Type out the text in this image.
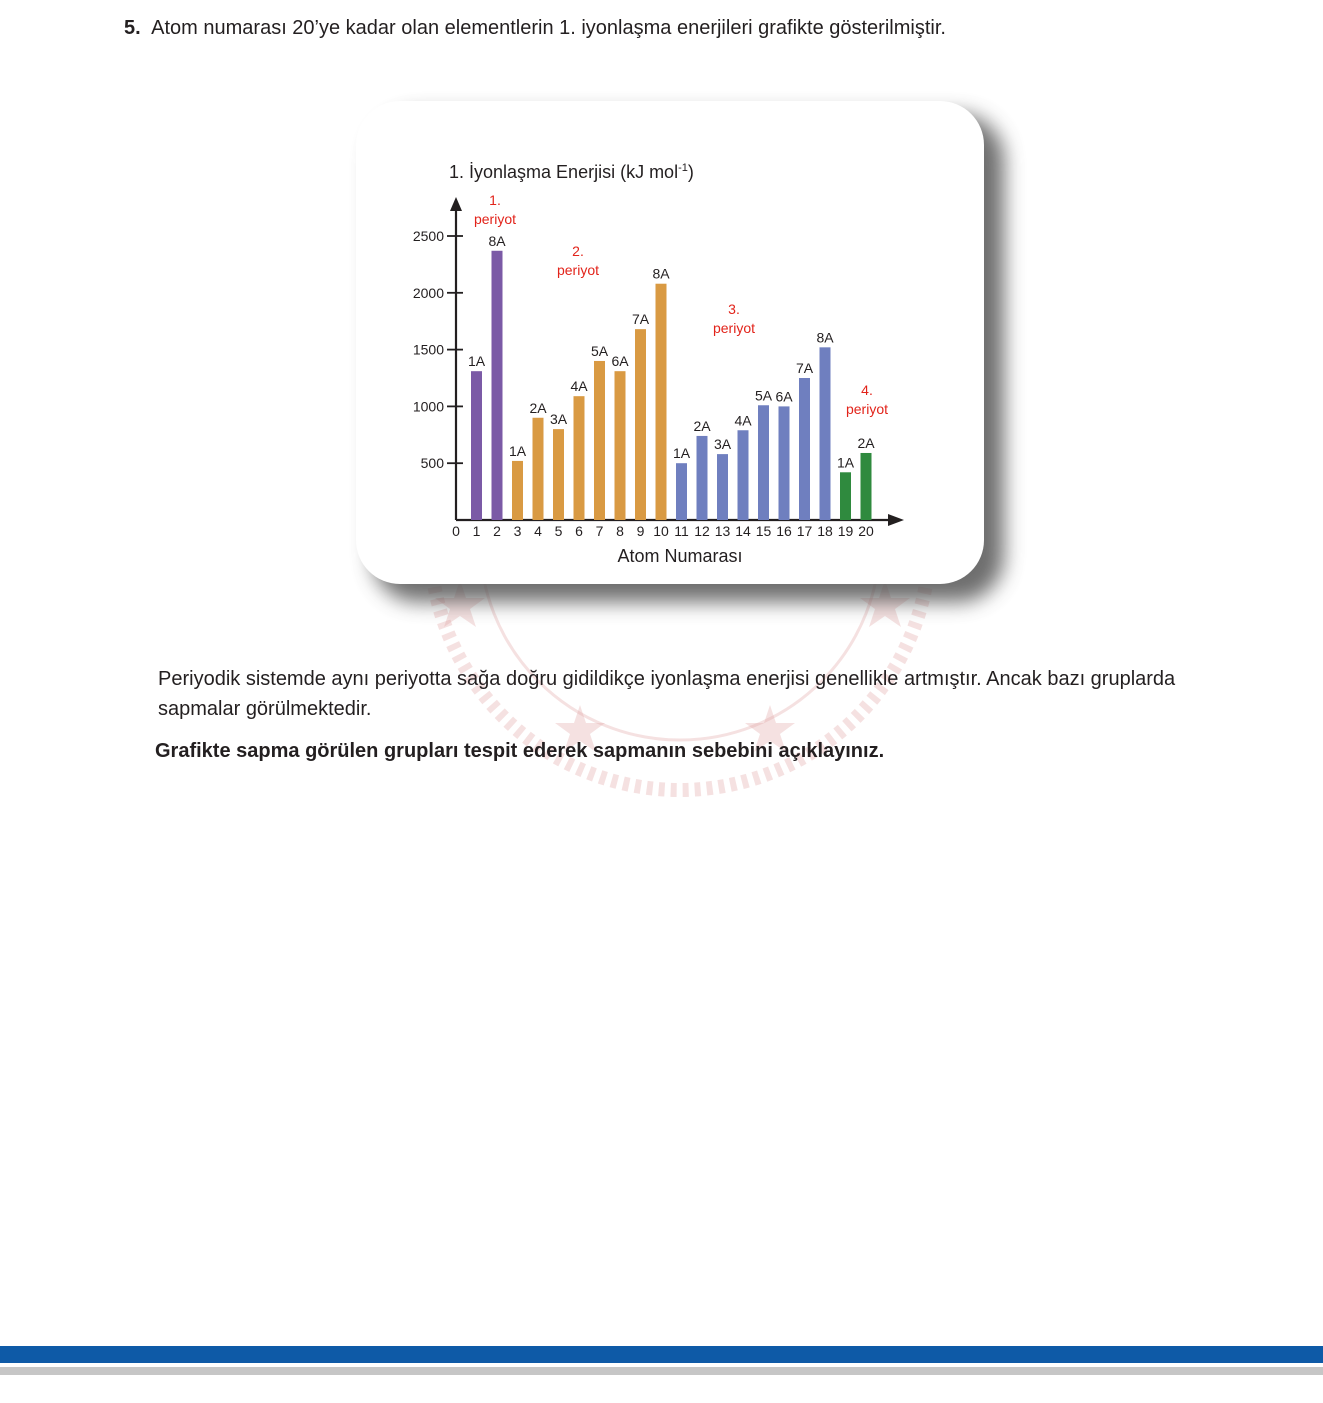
5. Atom numarası 20’ye kadar olan elementlerin 1. iyonlaşma enerjileri grafikte gösterilmiştir.
1. İyonlaşma Enerjisi (kJ mol$^{-1}$)
500
1000
1500
2000
2500
0 1 2 3 4 5 6 7 8 9 10 11 12 13 14 15 16 17 18 19 20
1A
8A
1A
2A
3A
4A
5A
6A
7A
8A
1A
2A
3A
4A
5A 6A
7A
8A
1A
2A
1.
periyot
2.
periyot
3.
periyot
4.
periyot
Atom Numarası
Periyodik sistemde aynı periyotta sağa doğru gidildikçe iyonlaşma enerjisi genellikle artmıştır. Ancak bazı gruplarda sapmalar görülmektedir.
Grafikte sapma görülen grupları tespit ederek sapmanın sebebini açıklayınız.
